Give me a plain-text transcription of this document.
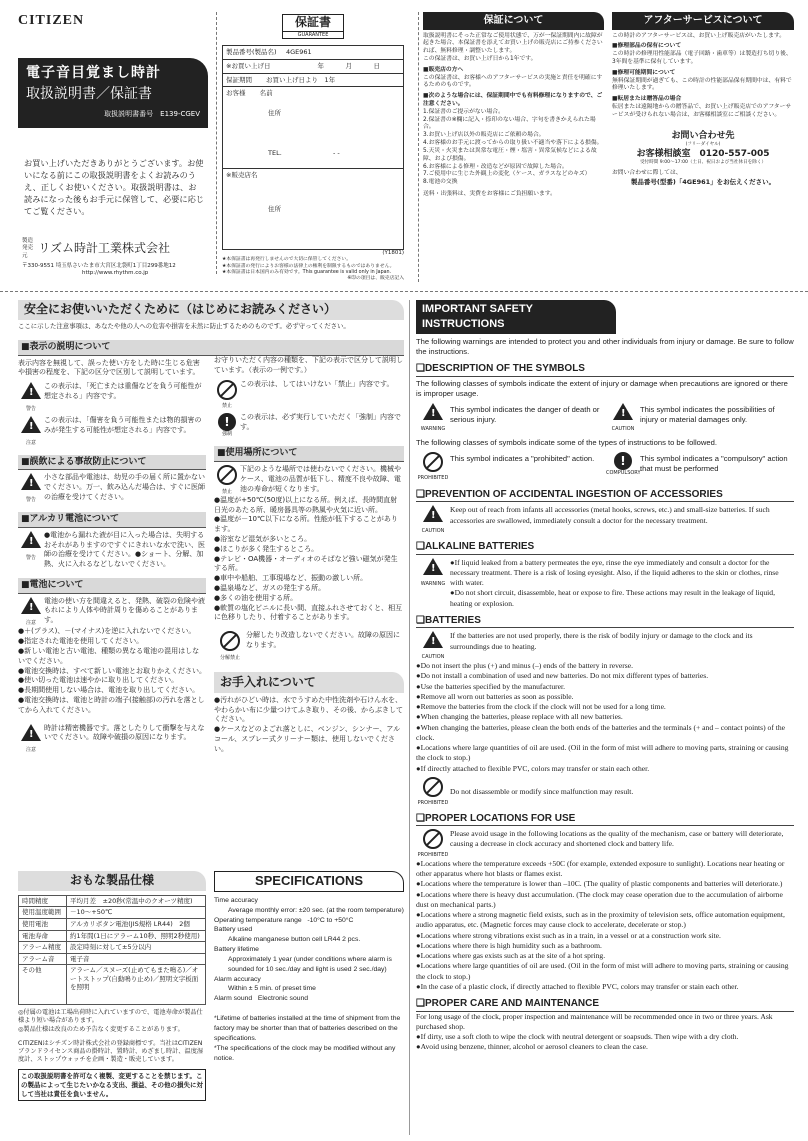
CITIZEN
電子音目覚まし時計
取扱説明書／保証書
取扱説明書番号　E139-CGEV
お買い上げいただきありがとうございます。お使いになる前にこの取扱説明書をよくお読みのうえ、正しくお使いください。取扱説明書は、お読みになった後もお手元に保管して、必要に応じてご覧ください。
製造発売元 リズム時計工業株式会社
〒330-9551 埼玉県さいたま市大宮区北袋町1丁目299番地12
http://www.rhythm.co.jp
保証書
GUARANTEE
製品番号(製品名)	4GE961
※お買い上げ日	年	月	日
保証期間	お買い上げ日より　1年
お客様 名前
住所
TEL.	- -
※販売店名
住所
(Y1801)
★本保証書は再発行しませんので大切に保管してください。
★本保証書の発行によりお客様の法律上の権利を制限するものではありません。
★本保証書は日本国内のみ有効です。This guarantee is valid only in Japan.
※印の項目は、販売店記入
保証について
取扱説明書にそった正常なご使用状態で、万が一保証期間内に故障が起きた場合、本保証書を添えてお買い上げの販売店にご持参くださいれば、無料修理・調整いたします。
この保証書は、お買い上げ日から1年です。
■販売店の方へ
この保証書は、お客様へのアフターサービスの実施と責任を明確にするためのものです。
■次のような場合には、保証期間中でも有料修理になりますので、ご注意ください。
1.保証書のご提示がない場合。
2.保証書の※欄に記入・捺印のない場合、字句を書きかえられた場合。
3.お買い上げ店以外の販売店にご依頼の場合。
4.お客様のお手元に渡ってからの取り扱い不適当や落下による損傷。
5.天災・火災または異常な電圧・煙・塩害・異常気候などによる故障、および損傷。
6.お客様による修理・改造などが原因で故障した場合。
7.ご使用中に生じた外観上の変化（ケース、ガラスなどのキズ）
8.電池の交換
送料・出張料は、実費をお客様にご負担願います。
アフターサービスについて
この時計のアフターサービスは、お買い上げ販売店がいたします。
■修理部品の保有について
この時計の修理用性能部品（電子回路・歯車等）は製造打ち切り後、3年間を基準に保有しています。
■修理可能期間について
無料保証期間が過ぎても、この時計の性能部品保有期間中は、有料で修理いたします。
■転居または贈答品の場合
転居または遠隔地からの贈答品で、お買い上げ販売店でのアフターサービスが受けられない場合は、お客様相談室にご相談ください。
お問い合わせ先
(フリーダイヤル)
お客様相談室　0120-557-005
受付時間 9:00～17:00（土日、祝日および当社休日を除く）
お問い合わせに際しては、
製品番号(型番)「4GE961」をお伝えください。
安全にお使いいただくために（はじめにお読みください）
ここに示した注意事項は、あなたや他の人への危害や損害を未然に防止するためのものです。必ず守ってください。
■表示の説明について
表示内容を無視して、誤った使い方をした時に生じる危害や損害の程度を、下記の区分で区別して説明しています。
!
警告
この表示は、「死亡または重傷などを負う可能性が想定される」内容です。
!
注意
この表示は、「傷害を負う可能性または物的損害のみが発生する可能性が想定される」内容です。
■誤飲による事故防止について
!
警告
小さな部品や電池は、幼児の手の届く所に置かないでください。万一、飲み込んだ場合は、すぐに医師の治療を受けてください。
■アルカリ電池について
!
警告
●電池から漏れた液が目に入った場合は、失明するおそれがありますのですぐにきれいな水で洗い、医師の治療を受けてください。●ショート、分解、加熱、火に入れるなどしないでください。
■電池について
!
注意
電池の使い方を間違えると、発熱、破裂の危険や液もれにより人体や時計周りを傷めることがあります。
●＋(プラス)、－(マイナス)を逆に入れないでください。
●指定された電池を使用してください。
●新しい電池と古い電池、種類の異なる電池の混用はしないでください。
●電池交換時は、すべて新しい電池とお取りかえください。
●使い切った電池は速やかに取り出してください。
●長期間使用しない場合は、電池を取り出してください。
●電池交換時は、電池と時計の端子(接触部)の汚れを落としてから入れてください。
!
注意
時計は精密機器です。落としたりして衝撃を与えないでください。故障や破損の原因になります。
お守りいただく内容の種類を、下記の表示で区分して説明しています。（表示の一例です。）
禁止
この表示は、してはいけない「禁止」内容です。
!
強制
この表示は、必ず実行していただく「強制」内容です。
■使用場所について
禁止
下記のような場所では使わないでください。機械やケース、電池の品質が低下し、精度不良や故障、電池の寿命が短くなります。
●温度が+50℃(50度)以上になる所。例えば、長時間直射日光のあたる所、暖房器具等の熱風や火気に近い所。
●温度が－10℃以下になる所。性能が低下することがあります。
●浴室など湿気が多いところ。
●ほこりが多く発生するところ。
●テレビ・OA機器・オーディオのそばなど強い磁気が発生する所。
●車中や船舶、工事現場など、振動の激しい所。
●温泉場など、ガスの発生する所。
●多くの油を使用する所。
●軟質の塩化ビニルに長い間、直接ふれさせておくと、相互に色移りしたり、付着することがあります。
分解禁止
分解したり改造しないでください。故障の原因になります。
お手入れについて
●汚れがひどい時は、水でうすめた中性洗剤や石けん水を、やわらかい布に少量つけてふき取り、その後、からぶきしてください。
●ケースなどのよごれ落としに、ベンジン、シンナー、アルコール、スプレー式クリーナー類は、使用しないでください。
おもな製品仕様
時間精度	平均月差　±20秒(常温中のクオーツ精度)
使用温度範囲	－10～+50℃
使用電池	アルカリボタン電池(JIS規格 LR44)　2個
電池寿命	約1年間(1日にアラーム10秒、照明2秒使用)
アラーム精度	設定時刻に対して±5分以内
アラーム音	電子音
その他	アラーム／スヌーズ(止めてもまた鳴る)／オートストップ(自動鳴り止め)／照明文字板面を照明
◎付属の電池は工場出荷時に入れていますので、電池寿命が製品仕様より短い場合があります。
◎製品仕様は改良のため予告なく変更することがあります。
CITIZENはシチズン時計株式会社の登録商標です。当社はCITIZENブランドライセンス商品の掛時計、置時計、めざまし時計、温度湿度計、ストップウォッチを企画・製造・販売しています。
この取扱説明書を許可なく複製、変更することを禁じます。この製品によって生じたいかなる支出、損益、その他の損失に対して当社は責任を負いません。
SPECIFICATIONS
Time accuracy
Average monthly error: ±20 sec. (at the room temperature)
Operating temperature range -10°C to +50°C
Battery used
Alkaline manganese button cell LR44 2 pcs.
Battery lifetime
Approximately 1 year (under conditions where alarm is sounded for 10 sec./day and light is used 2 sec./day)
Alarm accuracy
Within ± 5 min. of preset time
Alarm sound Electronic sound
*Lifetime of batteries installed at the time of shipment from the factory may be shorter than that of batteries described on the specifications.
*The specifications of the clock may be modified without any notice.
IMPORTANT SAFETY INSTRUCTIONS
The following warnings are intended to protect you and other individuals from injury or damage. Be sure to follow the instructions.
❏DESCRIPTION OF THE SYMBOLS
The following classes of symbols indicate the extent of injury or damage when precautions are ignored or there is improper usage.
!
WARNING
This symbol indicates the danger of death or serious injury.
!
CAUTION
This symbol indicates the possibilities of injury or material damages only.
The following classes of symbols indicate some of the types of instructions to be followed.
PROHIBITED
This symbol indicates a "prohibited" action.	!
COMPULSORY
This symbol indicates a "compulsory" action that must be performed
❏PREVENTION OF ACCIDENTAL INGESTION OF ACCESSORIES
!
CAUTION
Keep out of reach from infants all accessories (metal hooks, screws, etc.) and small-size batteries. If such accessories are swallowed, immediately consult a doctor for the necessary treatment.
❏ALKALINE BATTERIES
!
WARNING
●If liquid leaked from a battery permeates the eye, rinse the eye immediately and consult a doctor for the necessary treatment. There is a risk of losing eyesight. Also, if the liquid adheres to the skin or clothes, rinse with water.
●Do not short circuit, disassemble, heat or expose to fire. These actions may result in the leakage of liquid, heating or explosion.
❏BATTERIES
!
CAUTION
If the batteries are not used properly, there is the risk of bodily injury or damage to the clock and its surroundings due to heating.
●Do not insert the plus (+) and minus (–) ends of the battery in reverse.
●Do not install a combination of used and new batteries. Do not mix different types of batteries.
●Use the batteries specified by the manufacturer.
●Remove all worn out batteries as soon as possible.
●Remove the batteries from the clock if the clock will not be used for a long time.
●When changing the batteries, please replace with all new batteries.
●When changing the batteries, please clean the both ends of the batteries and the terminals (+ and – contact points) of the clock.
●Locations where large quantities of oil are used. (Oil in the form of mist will adhere to moving parts, straining or causing the clock to stop.)
●If directly attached to flexible PVC, colors may transfer or stain each other.
PROHIBITED
Do not disassemble or modify since malfunction may result.
❏PROPER LOCATIONS FOR USE
PROHIBITED
Please avoid usage in the following locations as the quality of the mechanism, case or battery will deteriorate, causing a decrease in clock accuracy and shortened clock and battery life.
●Locations where the temperature exceeds +50C (for example, extended exposure to sunlight). Locations near heating or other apparatus where hot blasts or flames exist.
●Locations where the temperature is lower than –10C. (The quality of plastic components and batteries will deteriorate.)
●Locations where there is heavy dust accumulation. (The clock may cease operation due to the accumulation of airborne dust on mechanical parts.)
●Locations where a strong magnetic field exists, such as in the proximity of television sets, office automation equipment, audio apparatus, etc. (Magnetic forces may cause clock to accelerate, decelerate or stop.)
●Locations where strong vibrations exist such as in a train, in a vessel or at a construction work site.
●Locations where there is high humidity such as a bathroom.
●Locations where gas exists such as at the site of a hot spring.
●Locations where large quantities of oil are used. (Oil in the form of mist will adhere to moving parts, straining or causing the clock to stop.)
●In the case of a plastic clock, if directly attached to flexible PVC, colors may transfer or stain each other.
❏PROPER CARE AND MAINTENANCE
For long usage of the clock, proper inspection and maintenance will be recommended once in two or three years. Ask purchased shop.
●If dirty, use a soft cloth to wipe the clock with neutral detergent or soapsuds. Then wipe with a dry cloth.
●Avoid using benzene, thinner, alcohol or aerosol cleaners to clean the case.
